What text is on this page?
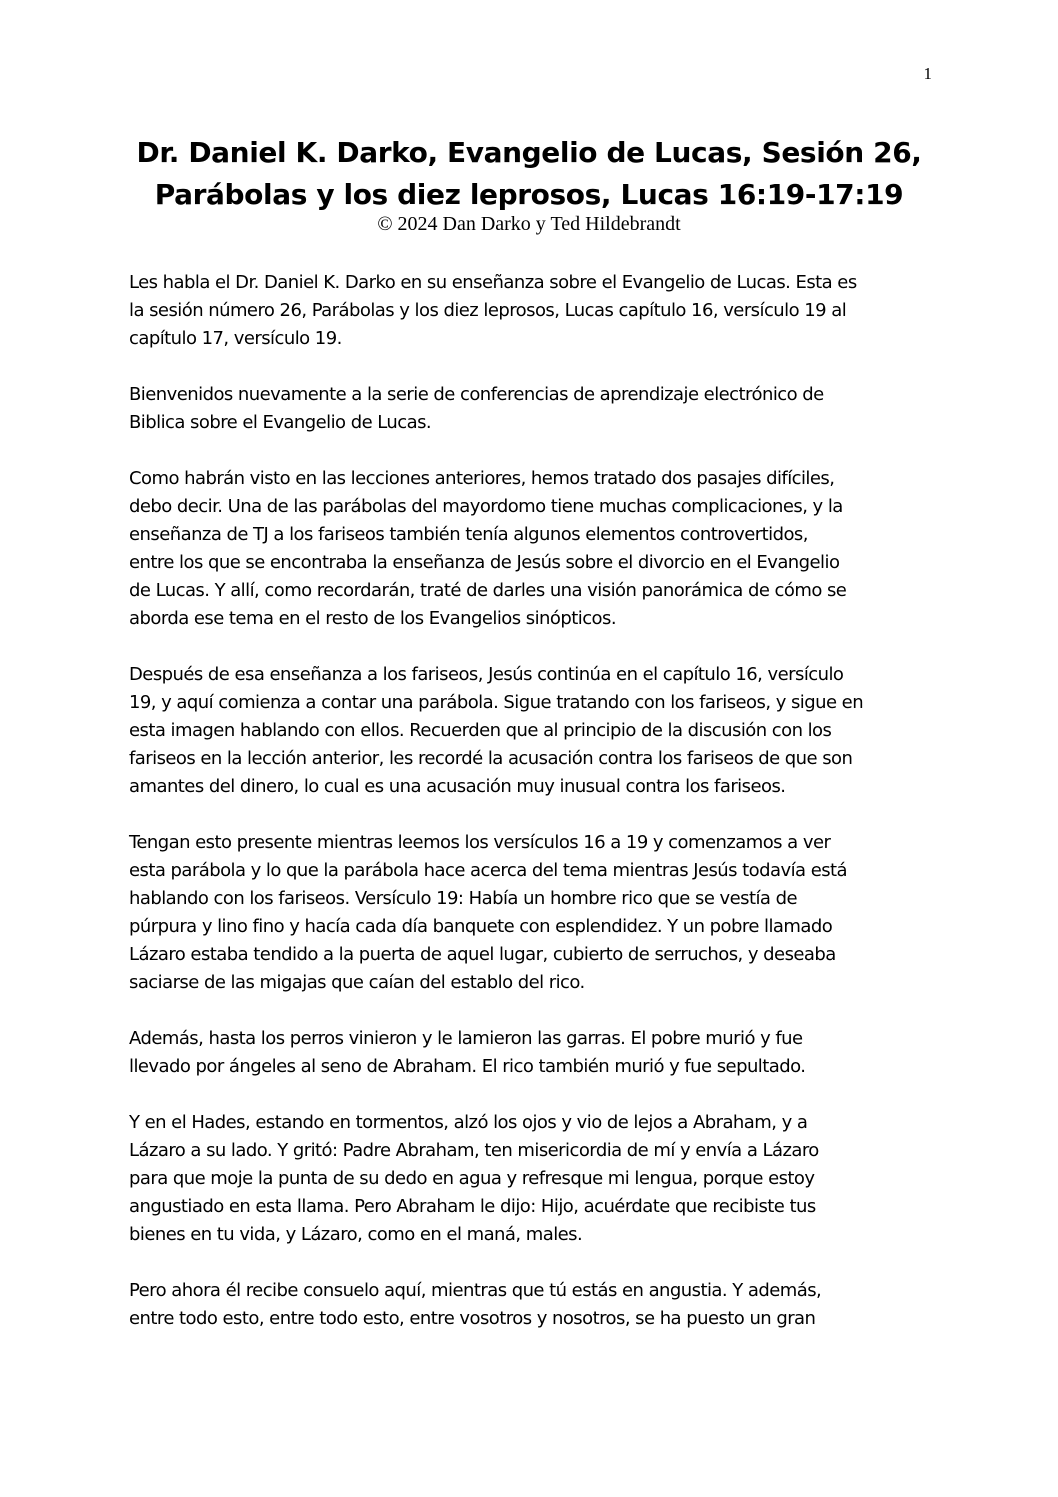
1
Dr. Daniel K. Darko, Evangelio de Lucas, Sesión 26,
Parábolas y los diez leprosos, Lucas 16:19-17:19
© 2024 Dan Darko y Ted Hildebrandt
Les habla el Dr. Daniel K. Darko en su enseñanza sobre el Evangelio de Lucas. Esta es
la sesión número 26, Parábolas y los diez leprosos, Lucas capítulo 16, versículo 19 al
capítulo 17, versículo 19.
Bienvenidos nuevamente a la serie de conferencias de aprendizaje electrónico de
Biblica sobre el Evangelio de Lucas.
Como habrán visto en las lecciones anteriores, hemos tratado dos pasajes difíciles,
debo decir. Una de las parábolas del mayordomo tiene muchas complicaciones, y la
enseñanza de TJ a los fariseos también tenía algunos elementos controvertidos,
entre los que se encontraba la enseñanza de Jesús sobre el divorcio en el Evangelio
de Lucas. Y allí, como recordarán, traté de darles una visión panorámica de cómo se
aborda ese tema en el resto de los Evangelios sinópticos.
Después de esa enseñanza a los fariseos, Jesús continúa en el capítulo 16, versículo
19, y aquí comienza a contar una parábola. Sigue tratando con los fariseos, y sigue en
esta imagen hablando con ellos. Recuerden que al principio de la discusión con los
fariseos en la lección anterior, les recordé la acusación contra los fariseos de que son
amantes del dinero, lo cual es una acusación muy inusual contra los fariseos.
Tengan esto presente mientras leemos los versículos 16 a 19 y comenzamos a ver
esta parábola y lo que la parábola hace acerca del tema mientras Jesús todavía está
hablando con los fariseos. Versículo 19: Había un hombre rico que se vestía de
púrpura y lino fino y hacía cada día banquete con esplendidez. Y un pobre llamado
Lázaro estaba tendido a la puerta de aquel lugar, cubierto de serruchos, y deseaba
saciarse de las migajas que caían del establo del rico.
Además, hasta los perros vinieron y le lamieron las garras. El pobre murió y fue
llevado por ángeles al seno de Abraham. El rico también murió y fue sepultado.
Y en el Hades, estando en tormentos, alzó los ojos y vio de lejos a Abraham, y a
Lázaro a su lado. Y gritó: Padre Abraham, ten misericordia de mí y envía a Lázaro
para que moje la punta de su dedo en agua y refresque mi lengua, porque estoy
angustiado en esta llama. Pero Abraham le dijo: Hijo, acuérdate que recibiste tus
bienes en tu vida, y Lázaro, como en el maná, males.
Pero ahora él recibe consuelo aquí, mientras que tú estás en angustia. Y además,
entre todo esto, entre todo esto, entre vosotros y nosotros, se ha puesto un gran
